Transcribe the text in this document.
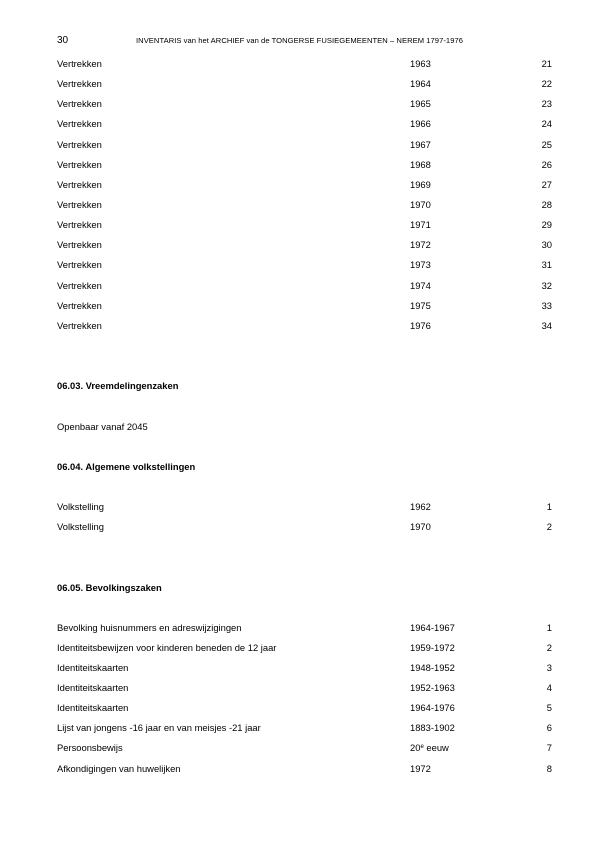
30	INVENTARIS van het ARCHIEF van de TONGERSE FUSIEGEMEENTEN – NEREM 1797-1976
Vertrekken	1963	21
Vertrekken	1964	22
Vertrekken	1965	23
Vertrekken	1966	24
Vertrekken	1967	25
Vertrekken	1968	26
Vertrekken	1969	27
Vertrekken	1970	28
Vertrekken	1971	29
Vertrekken	1972	30
Vertrekken	1973	31
Vertrekken	1974	32
Vertrekken	1975	33
Vertrekken	1976	34
06.03. Vreemdelingenzaken
Openbaar vanaf 2045
06.04. Algemene volkstellingen
Volkstelling	1962	1
Volkstelling	1970	2
06.05. Bevolkingszaken
Bevolking huisnummers en adreswijzigingen	1964-1967	1
Identiteitsbewijzen voor kinderen beneden de 12 jaar	1959-1972	2
Identiteitskaarten	1948-1952	3
Identiteitskaarten	1952-1963	4
Identiteitskaarten	1964-1976	5
Lijst van jongens -16 jaar en van meisjes -21 jaar	1883-1902	6
Persoonsbewijs	20e eeuw	7
Afkondigingen van huwelijken	1972	8
